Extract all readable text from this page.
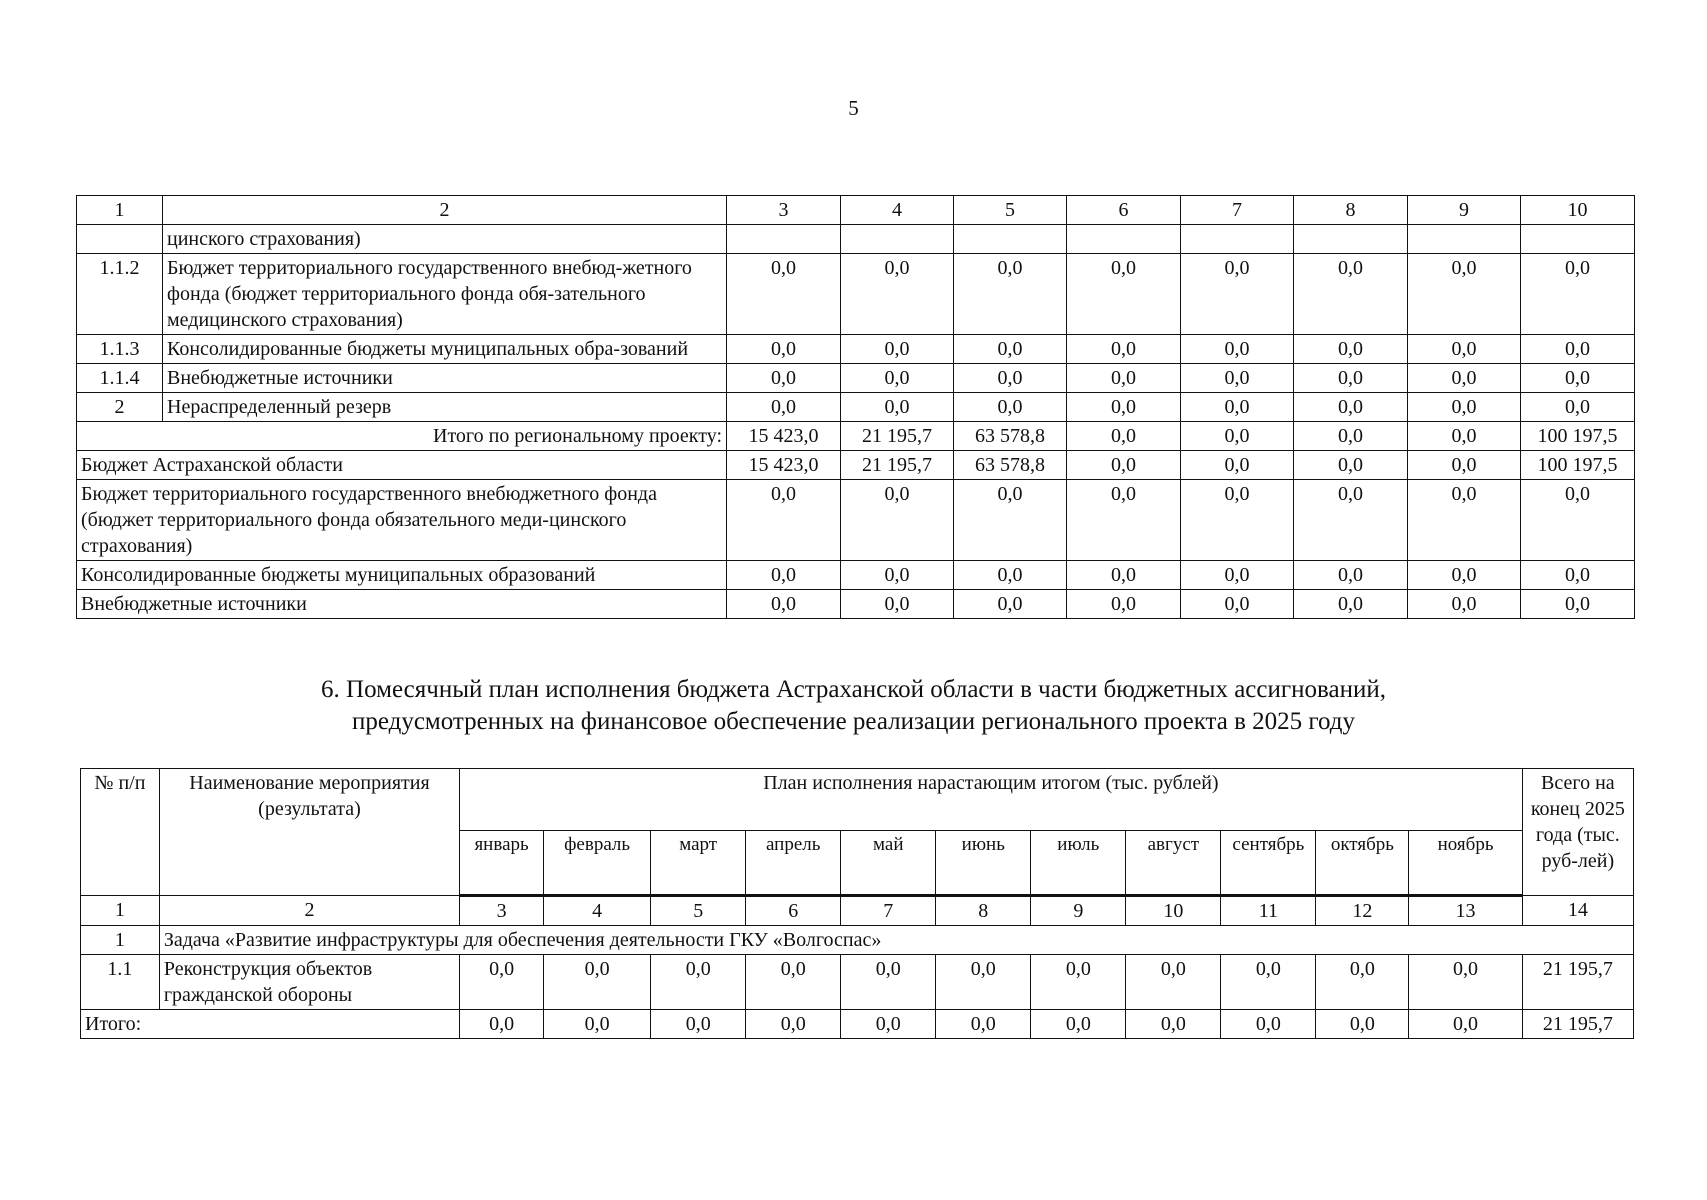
5
1	2	3	4	5	6	7	8	9	10
	цинского страхования)								
1.1.2	Бюджет территориального государственного внебюд-жетного фонда (бюджет территориального фонда обя-зательного медицинского страхования)	0,0	0,0	0,0	0,0	0,0	0,0	0,0	0,0
1.1.3	Консолидированные бюджеты муниципальных обра-зований	0,0	0,0	0,0	0,0	0,0	0,0	0,0	0,0
1.1.4	Внебюджетные источники	0,0	0,0	0,0	0,0	0,0	0,0	0,0	0,0
2	Нераспределенный резерв	0,0	0,0	0,0	0,0	0,0	0,0	0,0	0,0
Итого по региональному проекту:		15 423,0	21 195,7	63 578,8	0,0	0,0	0,0	0,0	100 197,5
Бюджет Астраханской области		15 423,0	21 195,7	63 578,8	0,0	0,0	0,0	0,0	100 197,5
Бюджет территориального государственного внебюджетного фонда (бюджет территориального фонда обязательного меди-цинского страхования)		0,0	0,0	0,0	0,0	0,0	0,0	0,0	0,0
Консолидированные бюджеты муниципальных образований		0,0	0,0	0,0	0,0	0,0	0,0	0,0	0,0
Внебюджетные источники		0,0	0,0	0,0	0,0	0,0	0,0	0,0	0,0
6. Помесячный план исполнения бюджета Астраханской области в части бюджетных ассигнований,
предусмотренных на финансовое обеспечение реализации регионального проекта в 2025 году
№ п/п	Наименование мероприятия (результата)	План исполнения нарастающим итогом (тыс. рублей)											Всего на конец 2025 года (тыс. руб-лей)
		январь	февраль	март	апрель	май	июнь	июль	август	сентябрь	октябрь	ноябрь	
1	2	3	4	5	6	7	8	9	10	11	12	13	14
1	Задача «Развитие инфраструктуры для обеспечения деятельности ГКУ «Волгоспас»												
1.1	Реконструкция объектов гражданской обороны	0,0	0,0	0,0	0,0	0,0	0,0	0,0	0,0	0,0	0,0	0,0	21 195,7
Итого:		0,0	0,0	0,0	0,0	0,0	0,0	0,0	0,0	0,0	0,0	0,0	21 195,7
